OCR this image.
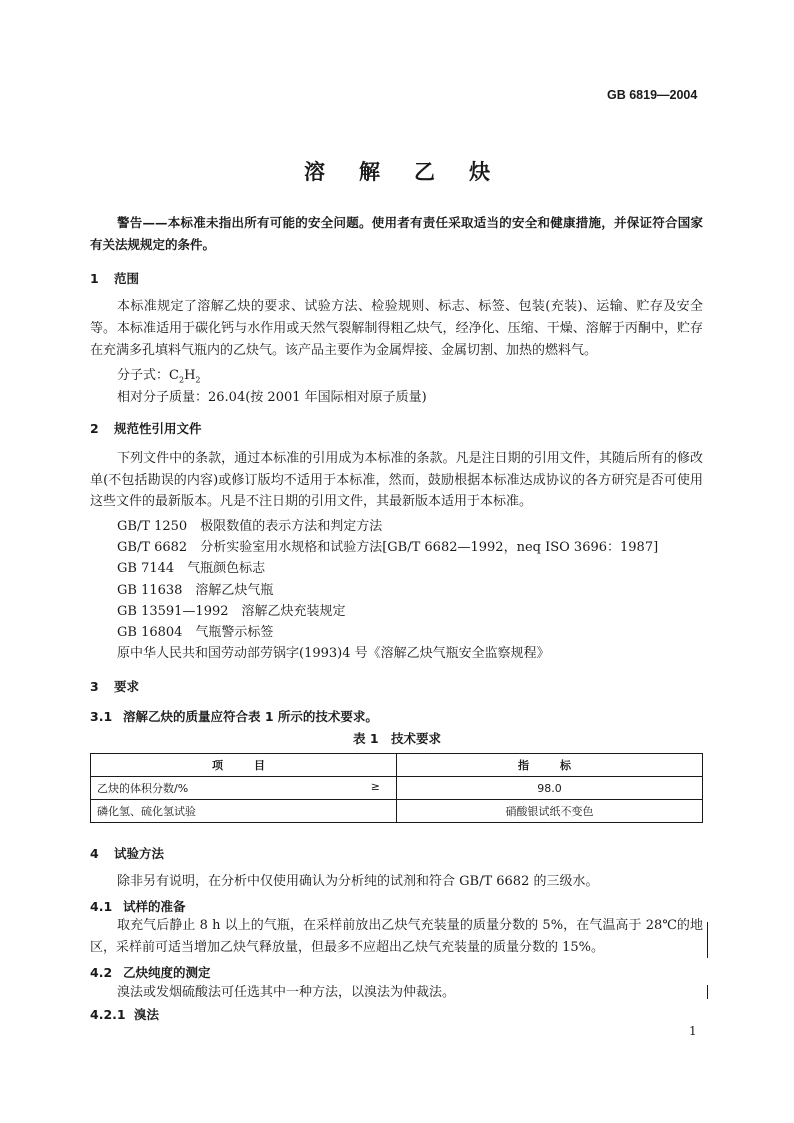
GB 6819—2004
溶解乙炔
警告——本标准未指出所有可能的安全问题。使用者有责任采取适当的安全和健康措施，并保证符合国家有关法规规定的条件。
1 范围
本标准规定了溶解乙炔的要求、试验方法、检验规则、标志、标签、包装(充装)、运输、贮存及安全等。 本标准适用于碳化钙与水作用或天然气裂解制得粗乙炔气，经净化、压缩、干燥、溶解于丙酮中，贮存在充满多孔填料气瓶内的乙炔气。该产品主要作为金属焊接、金属切割、加热的燃料气。
分子式：$C_2H_2$
相对分子质量：26.04(按 2001 年国际相对原子质量)
2 规范性引用文件
下列文件中的条款，通过本标准的引用成为本标准的条款。凡是注日期的引用文件，其随后所有的修改单(不包括勘误的内容)或修订版均不适用于本标准，然而，鼓励根据本标准达成协议的各方研究是否可使用这些文件的最新版本。凡是不注日期的引用文件，其最新版本适用于本标准。
GB/T 1250　极限数值的表示方法和判定方法
GB/T 6682　分析实验室用水规格和试验方法[GB/T 6682—1992，neq ISO 3696：1987]
GB 7144　气瓶颜色标志
GB 11638　溶解乙炔气瓶
GB 13591—1992　溶解乙炔充装规定
GB 16804　气瓶警示标签
原中华人民共和国劳动部劳锅字(1993)4 号《溶解乙炔气瓶安全监察规程》
3 要求
3.1 溶解乙炔的质量应符合表 1 所示的技术要求。
表 1　技术要求
项　目	指　标
乙炔的体积分数/% ≥	98.0
磷化氢、硫化氢试验	硝酸银试纸不变色
4 试验方法
除非另有说明，在分析中仅使用确认为分析纯的试剂和符合 GB/T 6682 的三级水。
4.1 试样的准备
取充气后静止 8 h 以上的气瓶，在采样前放出乙炔气充装量的质量分数的 5%，在气温高于 28℃的地区，采样前可适当增加乙炔气释放量，但最多不应超出乙炔气充装量的质量分数的 15%。
4.2 乙炔纯度的测定
溴法或发烟硫酸法可任选其中一种方法，以溴法为仲裁法。
4.2.1 溴法
1
